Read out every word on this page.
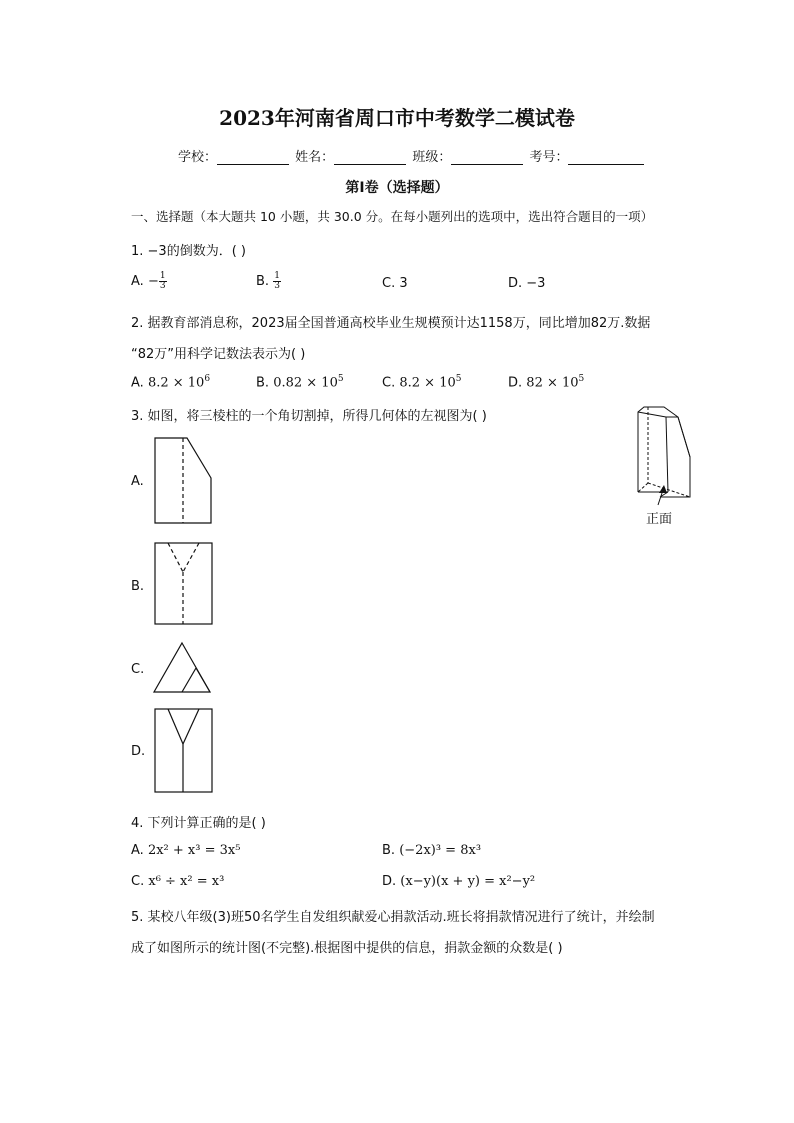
2023年河南省周口市中考数学二模试卷
学校：	姓名：	班级：	考号：
第Ⅰ卷（选择题）
一、选择题（本大题共 10 小题，共 30.0 分。在每小题列出的选项中，选出符合题目的一项）
1. −3的倒数为．( )
A. − $\frac{1}{3}$	B. $\frac{1}{3}$	C. 3	D. −3
2. 据教育部消息称，2023届全国普通高校毕业生规模预计达1158万，同比增加82万.数据
“82万”用科学记数法表示为( )
A. $8.2 \times 10^6$	B. $0.82 \times 10^5$	C. $8.2 \times 10^5$	D. $82 \times 10^5$
3. 如图，将三棱柱的一个角切割掉，所得几何体的左视图为( )
正面
A.
B.
C.
D.
4. 下列计算正确的是( )
A. 2x² + x³ = 3x⁵	B. (−2x)³ = 8x³
C. x⁶ ÷ x² = x³	D. (x−y)(x + y) = x²−y²
5. 某校八年级(3)班50名学生自发组织献爱心捐款活动.班长将捐款情况进行了统计，并绘制
成了如图所示的统计图(不完整).根据图中提供的信息，捐款金额的众数是( )
